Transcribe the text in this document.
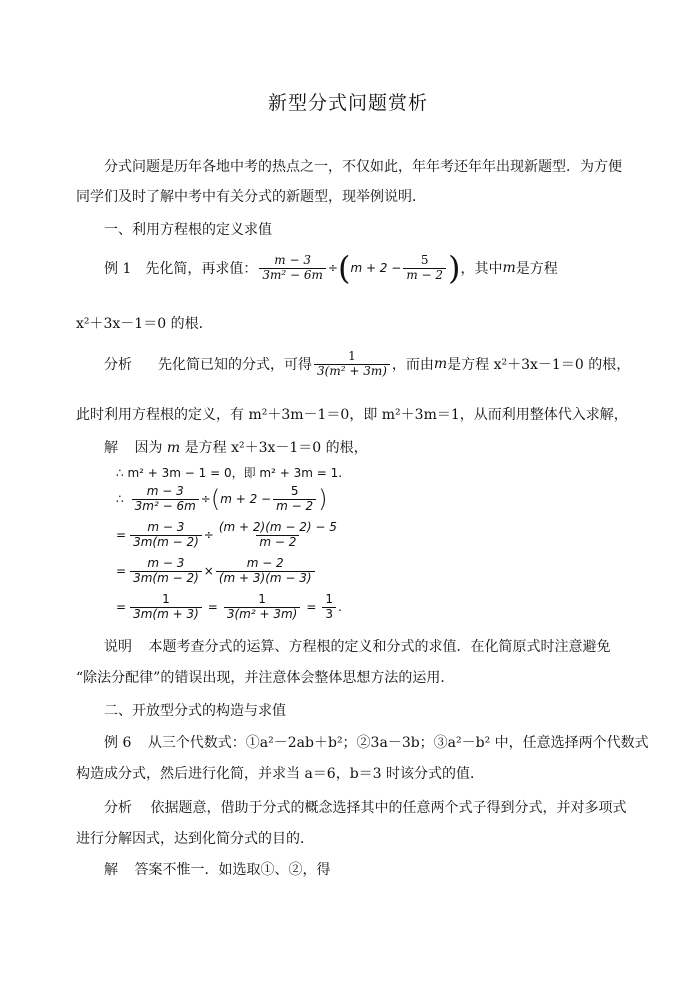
新型分式问题赏析
分式问题是历年各地中考的热点之一，不仅如此，年年考还年年出现新题型．为方便
同学们及时了解中考中有关分式的新题型，现举例说明．
一、利用方程根的定义求值
例 1 先化简，再求值： $\frac{m - 3}{\text{3m² − 6m}}$ ÷ ( $m + 2 - \frac{5}{m - 2}$ ) ，其中 m 是方程
x²＋3x－1＝0 的根．
分析 先化简已知的分式，可得 $\frac{1}{\text{3(m² + 3m)}}$ ，而由 m 是方程 x²＋3x－1＝0 的根，
此时利用方程根的定义，有 m²＋3m－1＝0，即 m²＋3m＝1，从而利用整体代入求解，
解 因为 m 是方程 x²＋3x－1＝0 的根，
∴ m² + 3m − 1 = 0，即 m² + 3m = 1.
∴ $\frac{m - 3}{\text{3m² − 6m}}$ ÷ ( $m + 2 - \frac{5}{m - 2}$ )
= $\frac{m - 3}{3m(m - 2)} \div \frac{(m + 2)(m - 2) - 5}{m - 2}$
= $\frac{m - 3}{3m(m - 2)} \times \frac{m - 2}{(m + 3)(m - 3)}$
= $\frac{1}{3m(m + 3)} = \frac{1}{\text{3(m² + 3m)}} = \frac{1}{3}$ .
说明 本题考查分式的运算、方程根的定义和分式的求值．在化简原式时注意避免
“除法分配律”的错误出现，并注意体会整体思想方法的运用．
二、开放型分式的构造与求值
例 6 从三个代数式：①a²－2ab＋b²；②3a－3b；③a²－b² 中，任意选择两个代数式
构造成分式，然后进行化简，并求当 a＝6，b＝3 时该分式的值．
分析 依据题意，借助于分式的概念选择其中的任意两个式子得到分式，并对多项式
进行分解因式，达到化简分式的目的．
解 答案不惟一．如选取①、②，得
